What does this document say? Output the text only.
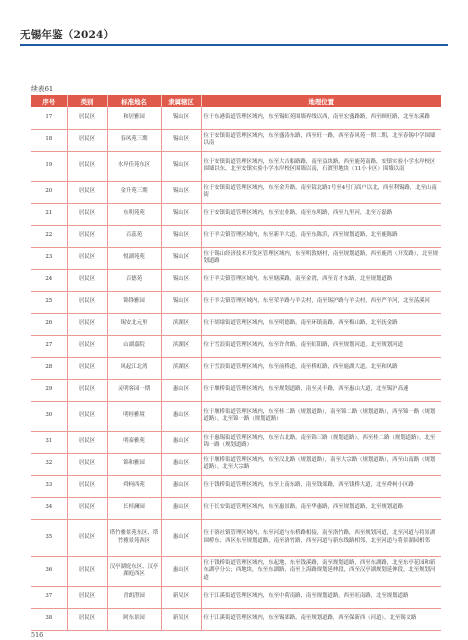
无锡年鉴（2024）
续表61
序号	类别	标准地名	隶属辖区	地理位置
17	居民区	和居雅园	锡山区	位于东港街道管理区域内，东至锡虹苑围墙界线以西，南至宏盛路路，西至顾旺路，北至东溪路
18	居民区	春风苑三期	锡山区	位于安镇街道管理区域内，东至盛涛东路，西至旺一路，西至春风苑一期二期，北至春锡中学围墙以南
19	居民区	水岸佳苑东区	锡山区	位于安镇街道管理区域内，东至大吉船路路，南至益块路，西至鹿苑南路，安镇实验小学水岸校区围墙以东，北至安镇实验小学水岸校区围墙以南，石渡里地块（11小卡区）围墙以南
20	居民区	金升苑三期	锡山区	位于安镇街道管理区域内，东至金升路，南至镜北路1号至4号门商户以北，西至利锡路，北至山南街
21	居民区	东明苑苑	锡山区	位于安镇街道管理区域内，东至宏业路，南至东明路，西至九里河，北至万磊路
22	居民区	百蕊苑	锡山区	位于羊尖镇管理区域内，东至新羊大道，南至东陈浜，西至规划道路，北至鹿陈路
23	居民区	悦湖苑苑	锡山区	位于锡山经济技术开发区管理区域内，东至明敦塘村，南至规划道路，西至鹿湾（开发路），北至规划道路
24	居民区	百德苑	锡山区	位于羊尖镇管理区域内，东至塘溪路，南至金湾，西至育才东路，北至规划道路
25	居民区	锦锋雅园	锡山区	位于羊尖镇管理区域内，东至荣羊路与羊尖村，南至锡沪路与羊尖村，西至严羊河，北至荡溪河
26	居民区	锡安北元里	滨湖区	位于胡埭街道管理区域内，东至明德路，南至环镇南路，西至梅山路，北至抚金路
27	居民区	山湖嘉院	滨湖区	位于雪浪街道管理区域内，东至许舍路，南至虹阳路，西至规划河道，北至规划河道
28	居民区	风起江北湾	滨湖区	位于雪浪街道管理区域内，东至前桥道，南至桥虹路，西至鹿湖大道，北至和风路
29	居民区	灵明客园一期	惠山区	位于堰桥街道管理区域内，东至规划道路，南至灵丰路，西至惠山大道，北至锡沪高速
30	居民区	明桂雅境	惠山区	位于堰桥街道管理区域内，东至桂二路（规划道路），南至锦二路（规划道路），西至锦一路（规划道路），北至锦一路（规划道路）
31	居民区	明泰雅苑	惠山区	位于惠锡街道管理区域内，东至吉北路，南至锦三路（规划道路），西至桂二路（规划道路），北至锦一路（规划道路）
32	居民区	锦和雅园	惠山区	位于堰桥街道管理区域内，东至汉北路（规划道路），南至大宗路（规划道路），西至山南路（规划道路），北至大宗路
33	居民区	舜柯西苑	惠山区	位于钱桥街道管理区域内，东至上南东路，南至钱郊路，西至钱桥大道，北至舜柯小区路
34	居民区	长桂澜园	惠山区	位于长安街道管理区域内，东至惠景路，南至华惠路，西至规划道路，北至规划道路
35	居民区	塔竹雅景苑东区、塔竹雅景苑西区	惠山区	位于洛社镇管理区域内，东至河道与东桥路相接，南至洛竹路，西至规划河道，北至河道与将景湖围桥东；西区东至规划道路，南至洛竹路，西至河道与新东线路相邻，北至河道与将景湖园相邻
36	居民区	汉亭湖庭东区、汉亭湖庭西区	惠山区	位于钱桥街道管理区域内，东起地，东至钱溪路，南至规划道路，西至东湖路，北至东亭花园和新东湖亭分公；西地块，东至东湖路，南至上海路规划延伸段，西至汉亭湖规划延伸段，北至规划河道
37	居民区	青朗澄园	新吴区	位于江溪街道管理区域内，东至中荷南路，南至规划道路，西至旺南路，北至规划道路
38	居民区	阿东景园	新吴区	位于江溪街道管理区域内，东至锡郊路，南至规划道路，西至保新西（河道），北至锡文路
516
